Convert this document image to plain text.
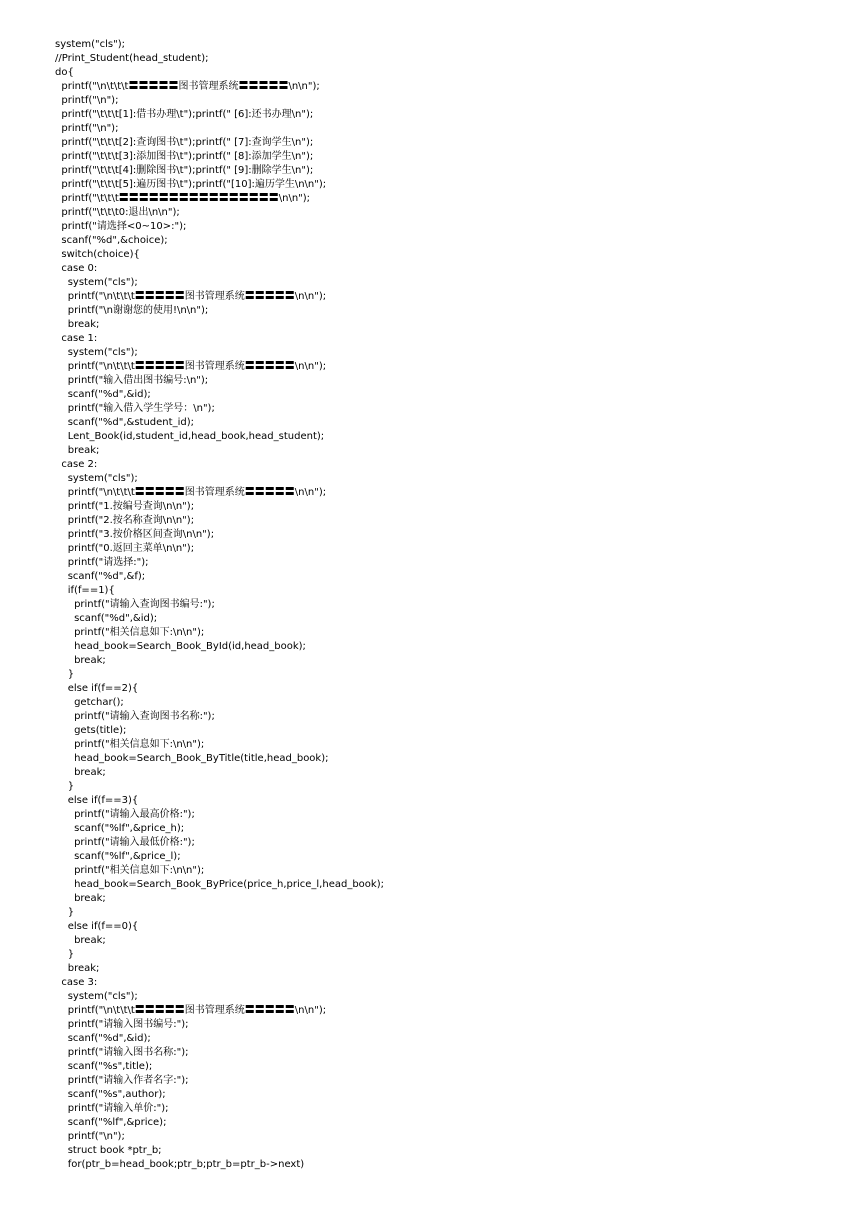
system("cls");
//Print_Student(head_student);
do{
printf("\n\t\t\t〓〓〓〓〓图书管理系统〓〓〓〓〓\n\n");
printf("\n");
printf("\t\t\t[1]:借书办理\t");printf(" [6]:还书办理\n");
printf("\n");
printf("\t\t\t[2]:查询图书\t");printf(" [7]:查询学生\n");
printf("\t\t\t[3]:添加图书\t");printf(" [8]:添加学生\n");
printf("\t\t\t[4]:删除图书\t");printf(" [9]:删除学生\n");
printf("\t\t\t[5]:遍历图书\t");printf("[10]:遍历学生\n\n");
printf("\t\t\t〓〓〓〓〓〓〓〓〓〓〓〓〓〓〓〓\n\n");
printf("\t\t\t0:退出\n\n");
printf("请选择<0~10>:");
scanf("%d",&choice);
switch(choice){
case 0:
system("cls");
printf("\n\t\t\t〓〓〓〓〓图书管理系统〓〓〓〓〓\n\n");
printf("\n谢谢您的使用!\n\n");
break;
case 1:
system("cls");
printf("\n\t\t\t〓〓〓〓〓图书管理系统〓〓〓〓〓\n\n");
printf("输入借出图书编号:\n");
scanf("%d",&id);
printf("输入借入学生学号：\n");
scanf("%d",&student_id);
Lent_Book(id,student_id,head_book,head_student);
break;
case 2:
system("cls");
printf("\n\t\t\t〓〓〓〓〓图书管理系统〓〓〓〓〓\n\n");
printf("1.按编号查询\n\n");
printf("2.按名称查询\n\n");
printf("3.按价格区间查询\n\n");
printf("0.返回主菜单\n\n");
printf("请选择:");
scanf("%d",&f);
if(f==1){
printf("请输入查询图书编号:");
scanf("%d",&id);
printf("相关信息如下:\n\n");
head_book=Search_Book_ById(id,head_book);
break;
}
else if(f==2){
getchar();
printf("请输入查询图书名称:");
gets(title);
printf("相关信息如下:\n\n");
head_book=Search_Book_ByTitle(title,head_book);
break;
}
else if(f==3){
printf("请输入最高价格:");
scanf("%lf",&price_h);
printf("请输入最低价格:");
scanf("%lf",&price_l);
printf("相关信息如下:\n\n");
head_book=Search_Book_ByPrice(price_h,price_l,head_book);
break;
}
else if(f==0){
break;
}
break;
case 3:
system("cls");
printf("\n\t\t\t〓〓〓〓〓图书管理系统〓〓〓〓〓\n\n");
printf("请输入图书编号:");
scanf("%d",&id);
printf("请输入图书名称:");
scanf("%s",title);
printf("请输入作者名字:");
scanf("%s",author);
printf("请输入单价:");
scanf("%lf",&price);
printf("\n");
struct book *ptr_b;
for(ptr_b=head_book;ptr_b;ptr_b=ptr_b->next)
